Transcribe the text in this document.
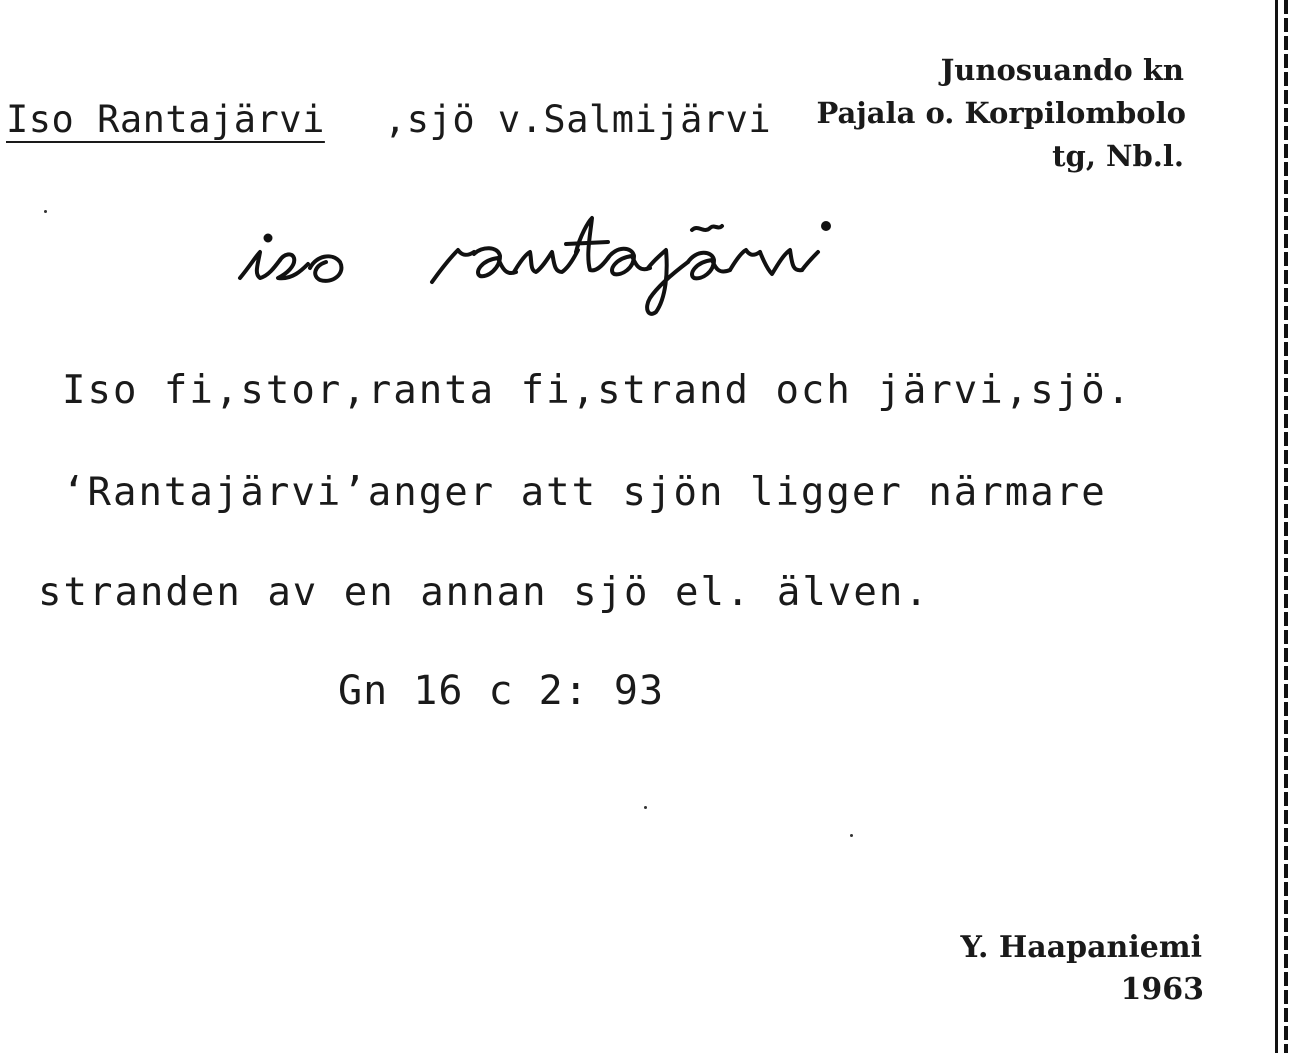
Junosuando kn
Iso Rantajärvi ,sjö v.Salmijärvi Pajala o. Korpilombolo
tg, Nb.l.
Iso fi,stor,ranta fi,strand och järvi,sjö.
‘Rantajärvi’anger att sjön ligger närmare
stranden av en annan sjö el. älven.
Gn 16 c 2: 93
Y. Haapaniemi
1963
